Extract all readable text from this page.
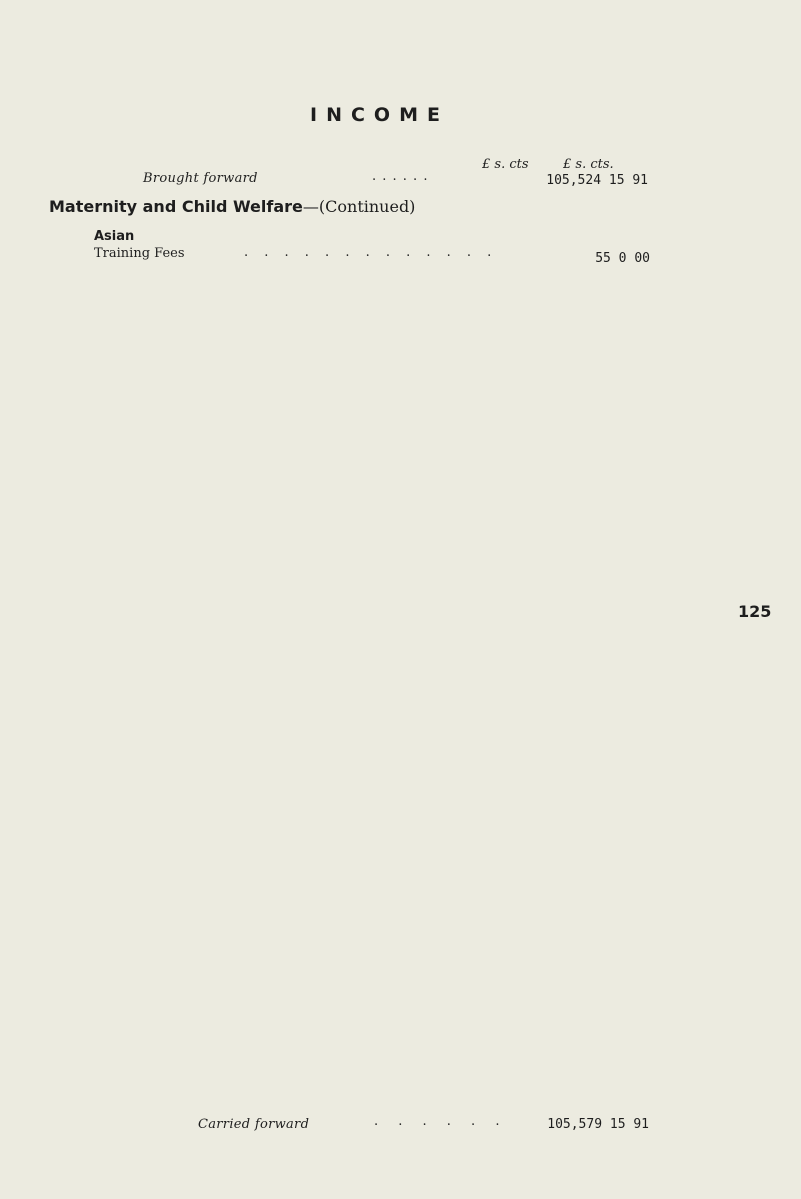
INCOME
£ s. cts	£ s. cts.
Brought forward	. . . . . .	105,524 15 91
Maternity and Child Welfare—(Continued)
Asian
Training Fees	. . . . . . . . . . . . .	55 0 00
125
Carried forward	. . . . . .	105,579 15 91
